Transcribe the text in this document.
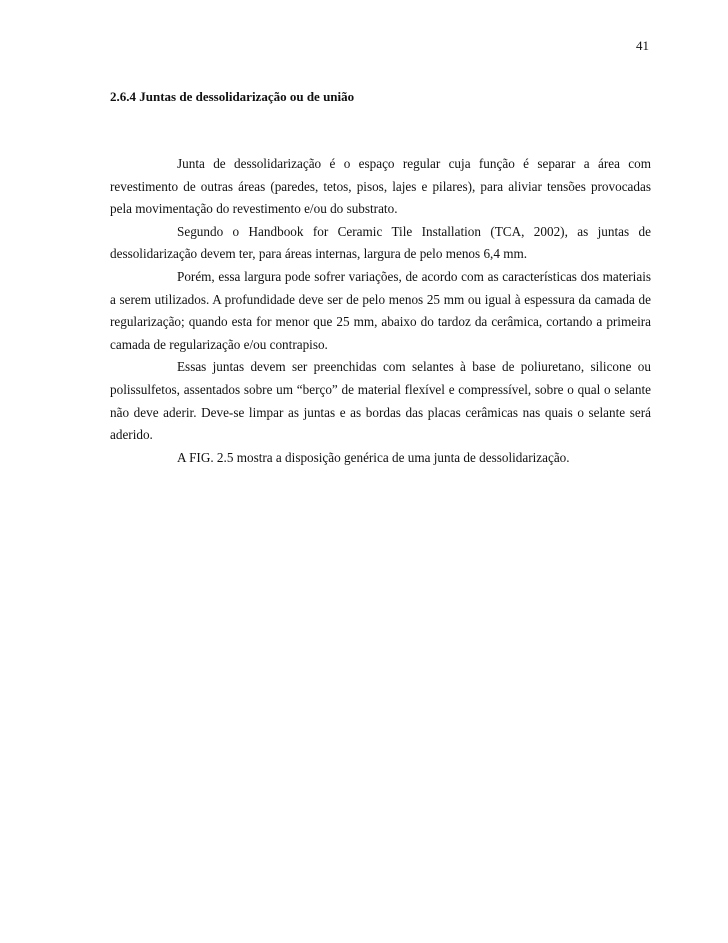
41
2.6.4 Juntas de dessolidarização ou de união

Junta de dessolidarização é o espaço regular cuja função é separar a área com revestimento de outras áreas (paredes, tetos, pisos, lajes e pilares), para aliviar tensões provocadas pela movimentação do revestimento e/ou do substrato.

Segundo o Handbook for Ceramic Tile Installation (TCA, 2002), as juntas de dessolidarização devem ter, para áreas internas, largura de pelo menos 6,4 mm.

Porém, essa largura pode sofrer variações, de acordo com as características dos materiais a serem utilizados. A profundidade deve ser de pelo menos 25 mm ou igual à espessura da camada de regularização; quando esta for menor que 25 mm, abaixo do tardoz da cerâmica, cortando a primeira camada de regularização e/ou contrapiso.

Essas juntas devem ser preenchidas com selantes à base de poliuretano, silicone ou polissulfetos, assentados sobre um “berço” de material flexível e compressível, sobre o qual o selante não deve aderir. Deve-se limpar as juntas e as bordas das placas cerâmicas nas quais o selante será aderido.

A FIG. 2.5 mostra a disposição genérica de uma junta de dessolidarização.
